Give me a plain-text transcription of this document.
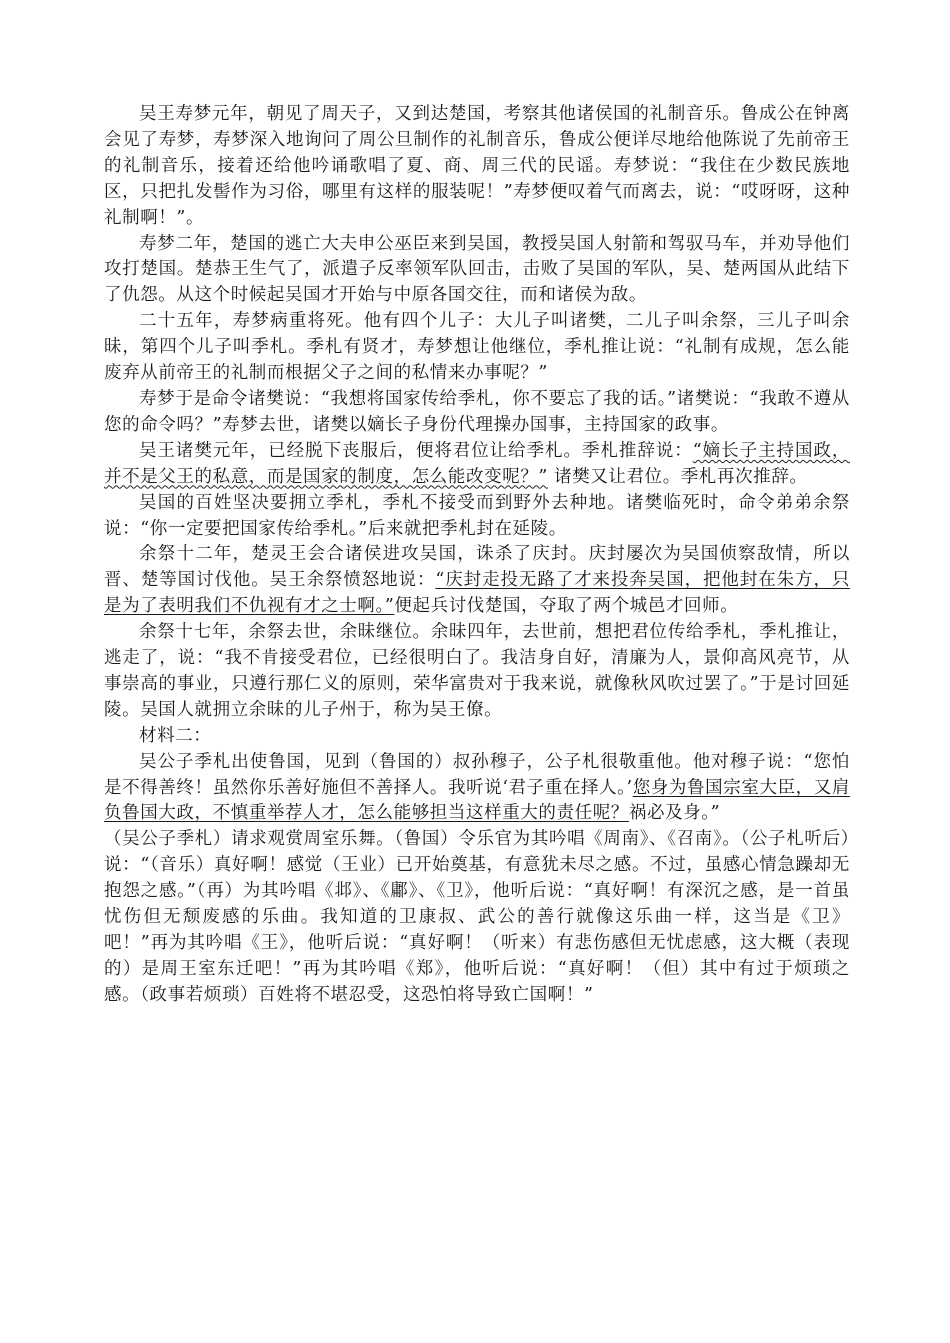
吴王寿梦元年，朝见了周天子，又到达楚国，考察其他诸侯国的礼制音乐。鲁成公在钟离会见了寿梦，寿梦深入地询问了周公旦制作的礼制音乐，鲁成公便详尽地给他陈说了先前帝王的礼制音乐，接着还给他吟诵歌唱了夏、商、周三代的民谣。寿梦说：“我住在少数民族地区，只把扎发髻作为习俗，哪里有这样的服装呢！”寿梦便叹着气而离去，说：“哎呀呀，这种礼制啊！”。

寿梦二年，楚国的逃亡大夫申公巫臣来到吴国，教授吴国人射箭和驾驭马车，并劝导他们攻打楚国。楚恭王生气了，派遣子反率领军队回击，击败了吴国的军队，吴、楚两国从此结下了仇怨。从这个时候起吴国才开始与中原各国交往，而和诸侯为敌。

二十五年，寿梦病重将死。他有四个儿子：大儿子叫诸樊，二儿子叫余祭，三儿子叫余昧，第四个儿子叫季札。季札有贤才，寿梦想让他继位，季札推让说：“礼制有成规，怎么能废弃从前帝王的礼制而根据父子之间的私情来办事呢？”

寿梦于是命令诸樊说：“我想将国家传给季札，你不要忘了我的话。”诸樊说：“我敢不遵从您的命令吗？”寿梦去世，诸樊以嫡长子身份代理操办国事，主持国家的政事。

吴王诸樊元年，已经脱下丧服后，便将君位让给季札。季札推辞说：“嫡长子主持国政，并不是父王的私意，而是国家的制度，怎么能改变呢？” 诸樊又让君位。季札再次推辞。

吴国的百姓坚决要拥立季札，季札不接受而到野外去种地。诸樊临死时，命令弟弟余祭说：“你一定要把国家传给季札。”后来就把季札封在延陵。

余祭十二年，楚灵王会合诸侯进攻吴国，诛杀了庆封。庆封屡次为吴国侦察敌情，所以晋、楚等国讨伐他。吴王余祭愤怒地说：“庆封走投无路了才来投奔吴国，把他封在朱方，只是为了表明我们不仇视有才之士啊。”便起兵讨伐楚国，夺取了两个城邑才回师。

余祭十七年，余祭去世，余昧继位。余昧四年，去世前，想把君位传给季札，季札推让，逃走了，说：“我不肯接受君位，已经很明白了。我洁身自好，清廉为人，景仰高风亮节，从事崇高的事业，只遵行那仁义的原则，荣华富贵对于我来说，就像秋风吹过罢了。”于是讨回延陵。吴国人就拥立余昧的儿子州于，称为吴王僚。

材料二：

吴公子季札出使鲁国，见到（鲁国的）叔孙穆子，公子札很敬重他。他对穆子说：“您怕是不得善终！虽然你乐善好施但不善择人。我听说‘君子重在择人。’您身为鲁国宗室大臣，又肩负鲁国大政，不慎重举荐人才，怎么能够担当这样重大的责任呢？祸必及身。”

（吴公子季札）请求观赏周室乐舞。（鲁国）令乐官为其吟唱《周南》、《召南》。（公子札听后）说：“（音乐）真好啊！感觉（王业）已开始奠基，有意犹未尽之感。不过，虽感心情急躁却无抱怨之感。”（再）为其吟唱《邶》、《鄘》、《卫》，他听后说：“真好啊！有深沉之感，是一首虽忧伤但无颓废感的乐曲。我知道的卫康叔、武公的善行就像这乐曲一样，这当是《卫》吧！”再为其吟唱《王》，他听后说：“真好啊！（听来）有悲伤感但无忧虑感，这大概（表现的）是周王室东迁吧！”再为其吟唱《郑》，他听后说：“真好啊！（但）其中有过于烦琐之感。（政事若烦琐）百姓将不堪忍受，这恐怕将导致亡国啊！”
